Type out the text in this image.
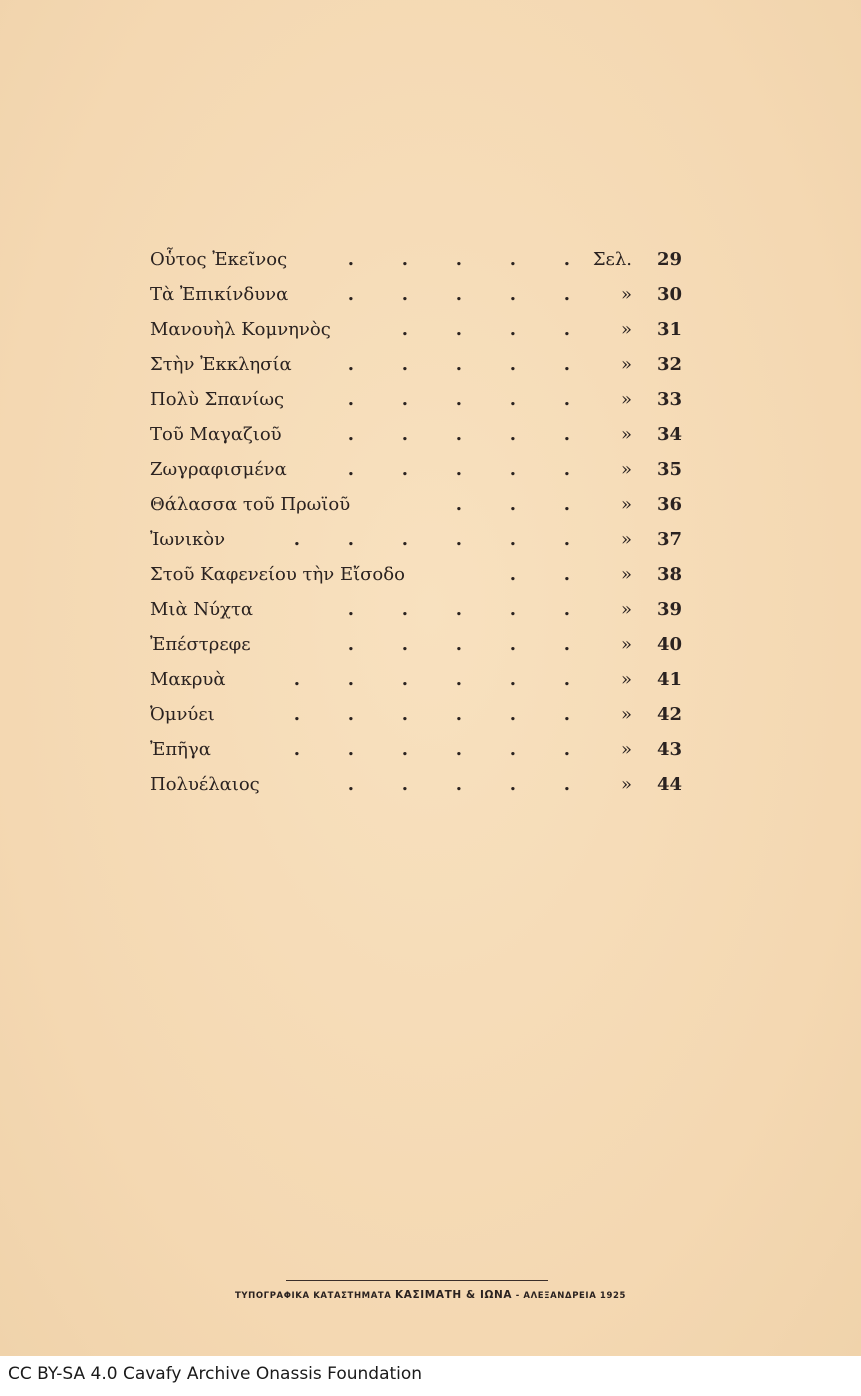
Οὗτος Ἐκεῖνος	.	.	.	.	.	Σελ.	29
Τὰ Ἐπικίνδυνα	.	.	.	.	.	»	30
Μανουὴλ Κομνηνὸς	.	.	.	.	»	31
Στὴν Ἐκκλησία	.	.	.	.	.	»	32
Πολὺ Σπανίως	.	.	.	.	.	»	33
Τοῦ Μαγαζιοῦ	.	.	.	.	.	»	34
Ζωγραφισμένα	.	.	.	.	.	»	35
Θάλασσα τοῦ Πρωϊοῦ	.	.	.	»	36
Ἰωνικὸν	.	.	.	.	.	.	»	37
Στοῦ Καφενείου τὴν Εἴσοδο	.	.	»	38
Μιὰ Νύχτα	.	.	.	.	.	»	39
Ἐπέστρεφε	.	.	.	.	.	»	40
Μακρυὰ	.	.	.	.	.	.	»	41
Ὀμνύει	.	.	.	.	.	.	»	42
Ἐπῆγα	.	.	.	.	.	.	»	43
Πολυέλαιος	.	.	.	.	.	»	44
ΤΥΠΟΓΡΑΦΙΚΑ ΚΑΤΑΣΤΗΜΑΤΑ ΚΑΣΙΜΑΤΗ & ΙΩΝΑ - ΑΛΕΞΑΝΔΡΕΙΑ 1925
CC BY-SA 4.0 Cavafy Archive Onassis Foundation
